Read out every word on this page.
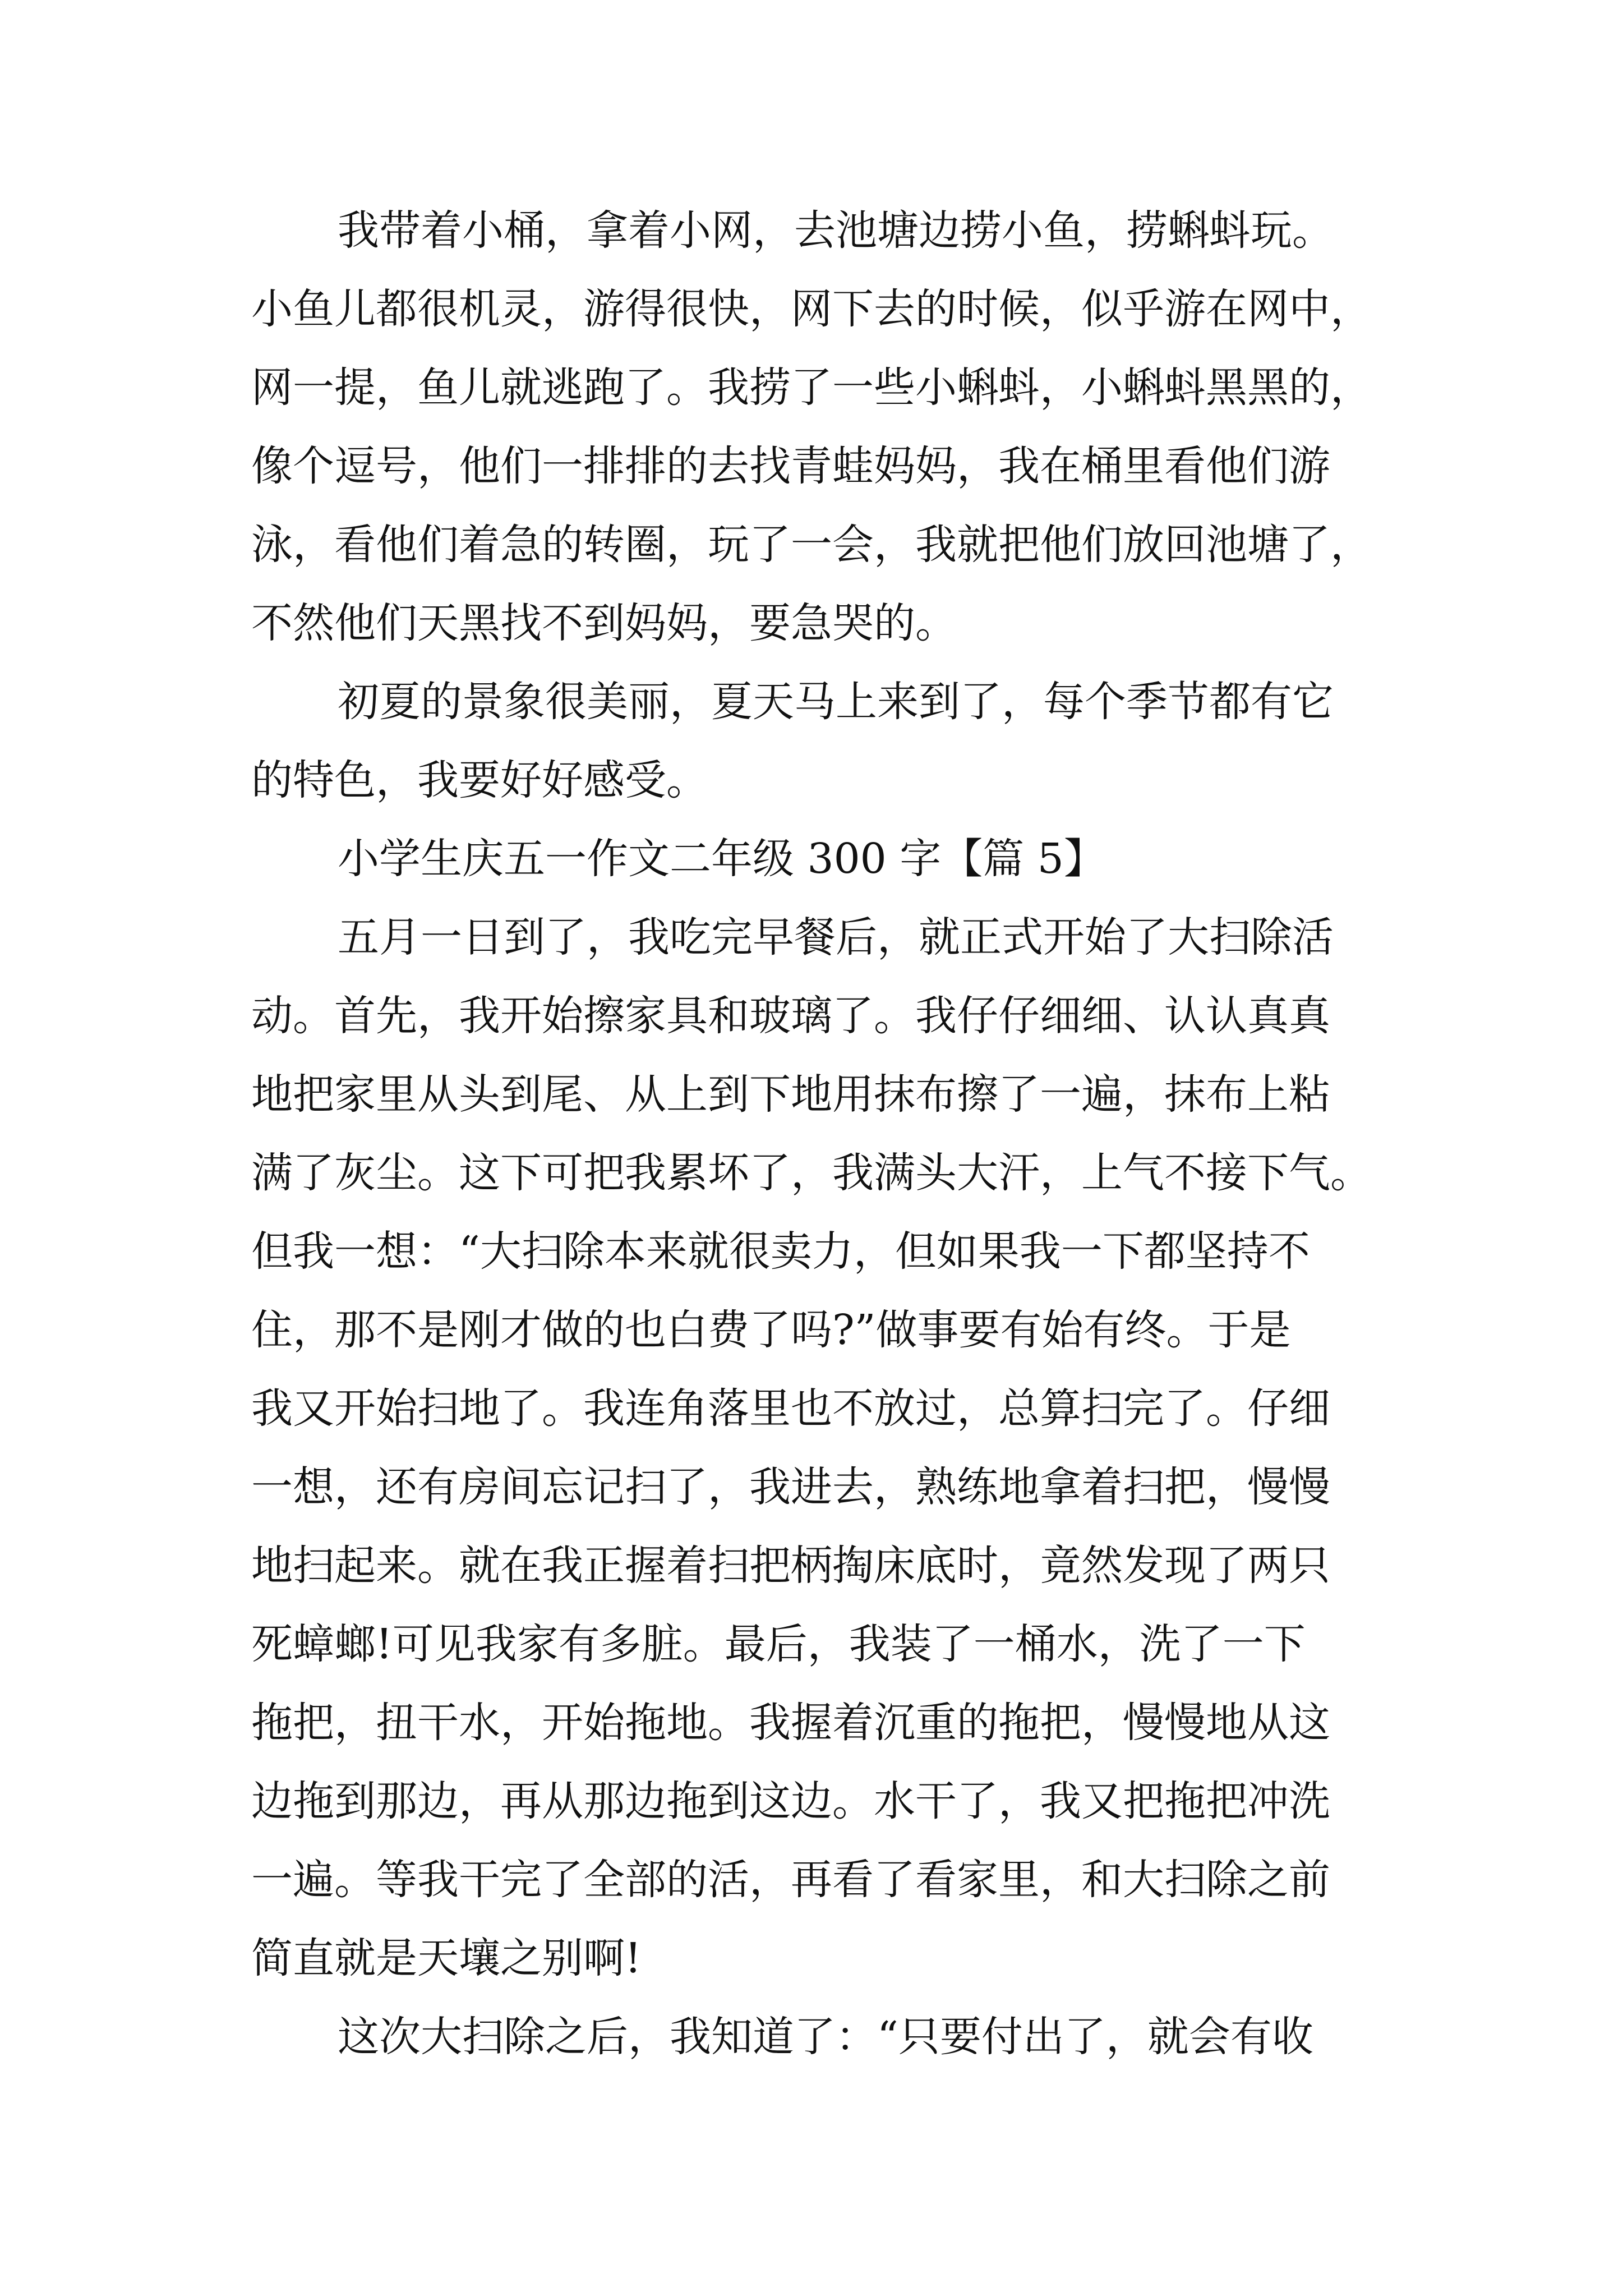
我带着小桶，拿着小网，去池塘边捞小鱼，捞蝌蚪玩。
小鱼儿都很机灵，游得很快，网下去的时候，似乎游在网中，
网一提，鱼儿就逃跑了。我捞了一些小蝌蚪，小蝌蚪黑黑的，
像个逗号，他们一排排的去找青蛙妈妈，我在桶里看他们游
泳，看他们着急的转圈，玩了一会，我就把他们放回池塘了，
不然他们天黑找不到妈妈，要急哭的。
初夏的景象很美丽，夏天马上来到了，每个季节都有它
的特色，我要好好感受。
小学生庆五一作文二年级 300 字【篇 5】
五月一日到了，我吃完早餐后，就正式开始了大扫除活
动。首先，我开始擦家具和玻璃了。我仔仔细细、认认真真
地把家里从头到尾、从上到下地用抹布擦了一遍，抹布上粘
满了灰尘。这下可把我累坏了，我满头大汗，上气不接下气。
但我一想：“大扫除本来就很卖力，但如果我一下都坚持不
住，那不是刚才做的也白费了吗?”做事要有始有终。于是
我又开始扫地了。我连角落里也不放过，总算扫完了。仔细
一想，还有房间忘记扫了，我进去，熟练地拿着扫把，慢慢
地扫起来。就在我正握着扫把柄掏床底时，竟然发现了两只
死蟑螂!可见我家有多脏。最后，我装了一桶水，洗了一下
拖把，扭干水，开始拖地。我握着沉重的拖把，慢慢地从这
边拖到那边，再从那边拖到这边。水干了，我又把拖把冲洗
一遍。等我干完了全部的活，再看了看家里，和大扫除之前
简直就是天壤之别啊!
这次大扫除之后，我知道了：“只要付出了，就会有收
